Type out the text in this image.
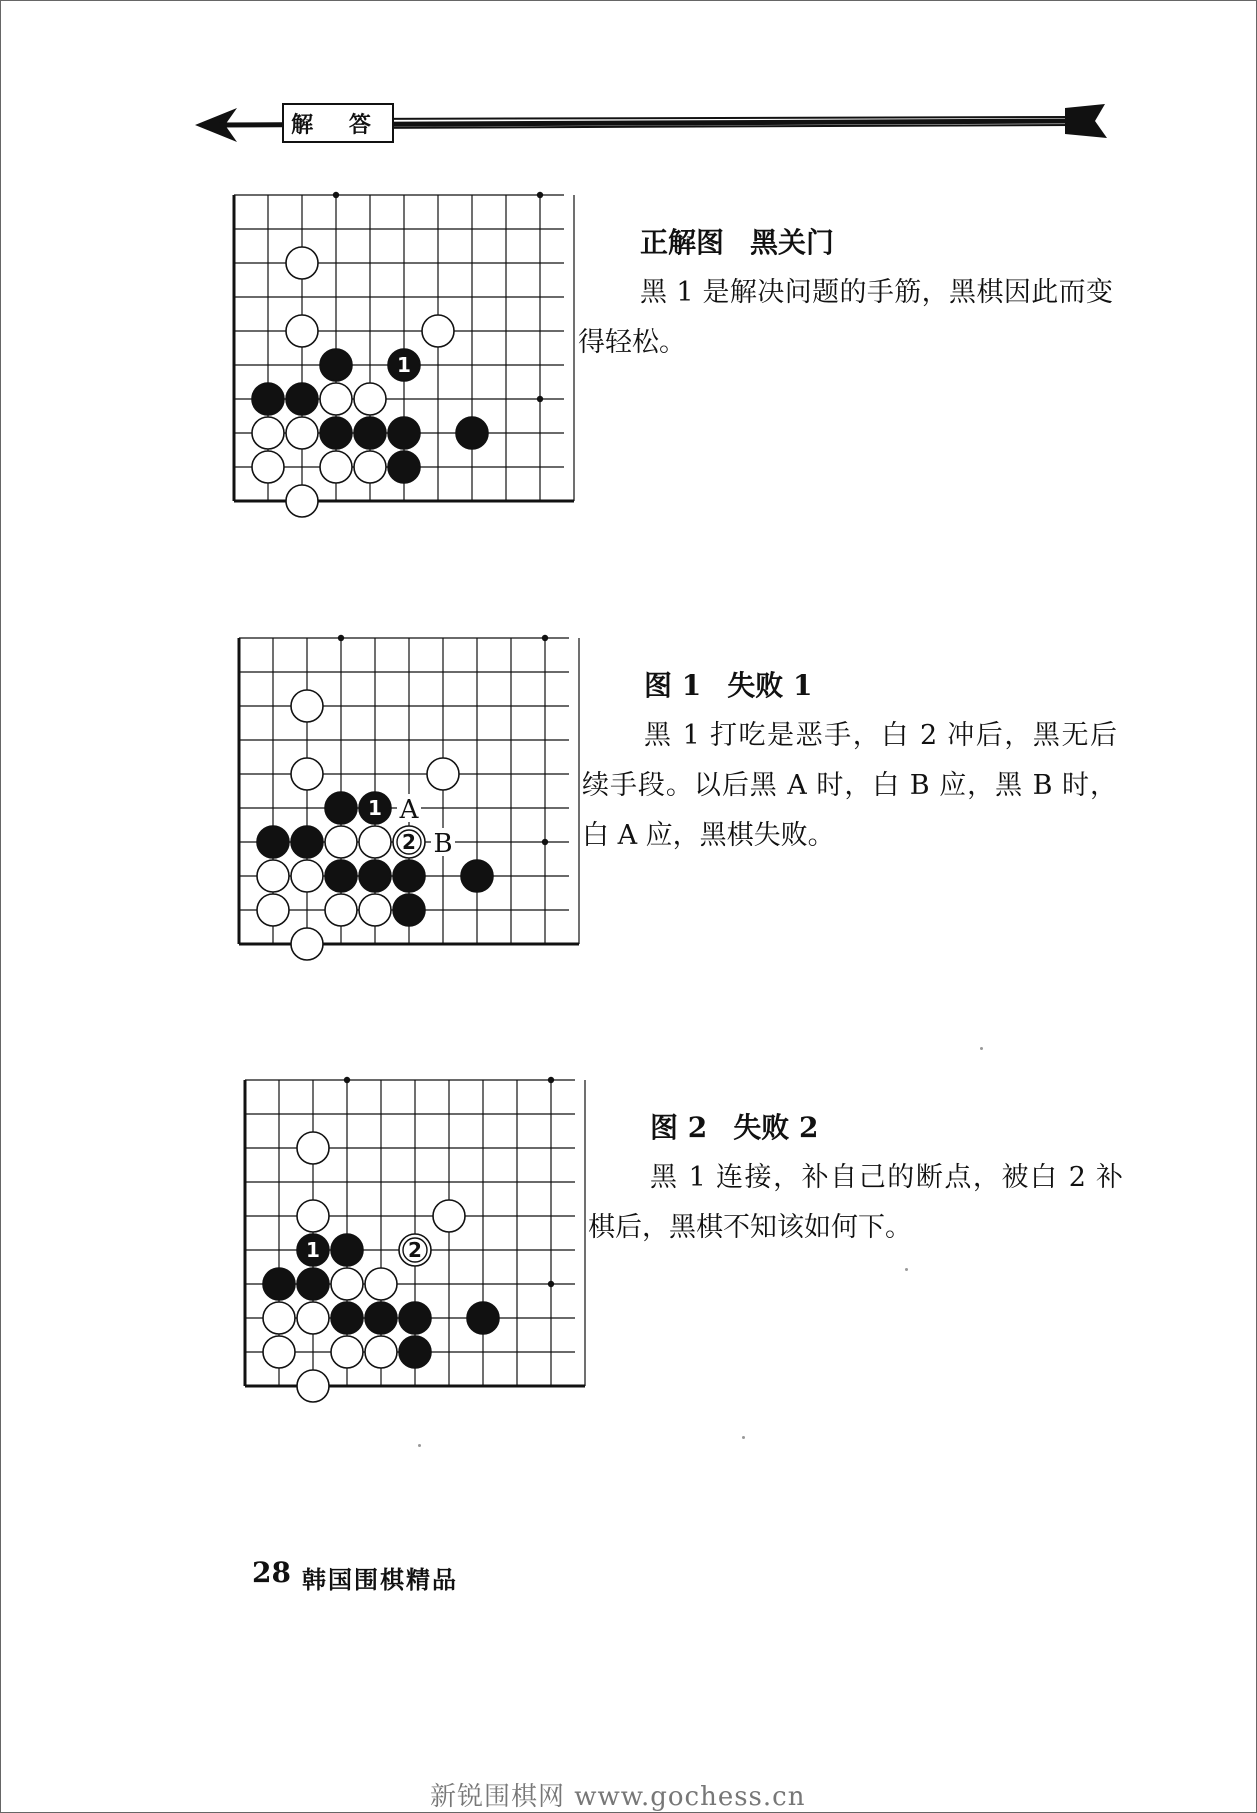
解 答
1
正解图 黑关门
黑 1 是解决问题的手筋，黑棋因此而变得轻松。
A
B
1
2
图 1 失败 1
黑 1 打吃是恶手，白 2 冲后，黑无后续手段。以后黑 A 时，白 B 应，黑 B 时，白 A 应，黑棋失败。
1	2
图 2 失败 2
黑 1 连接，补自己的断点，被白 2 补棋后，黑棋不知该如何下。
28 韩国围棋精品
新锐围棋网 www.gochess.cn
